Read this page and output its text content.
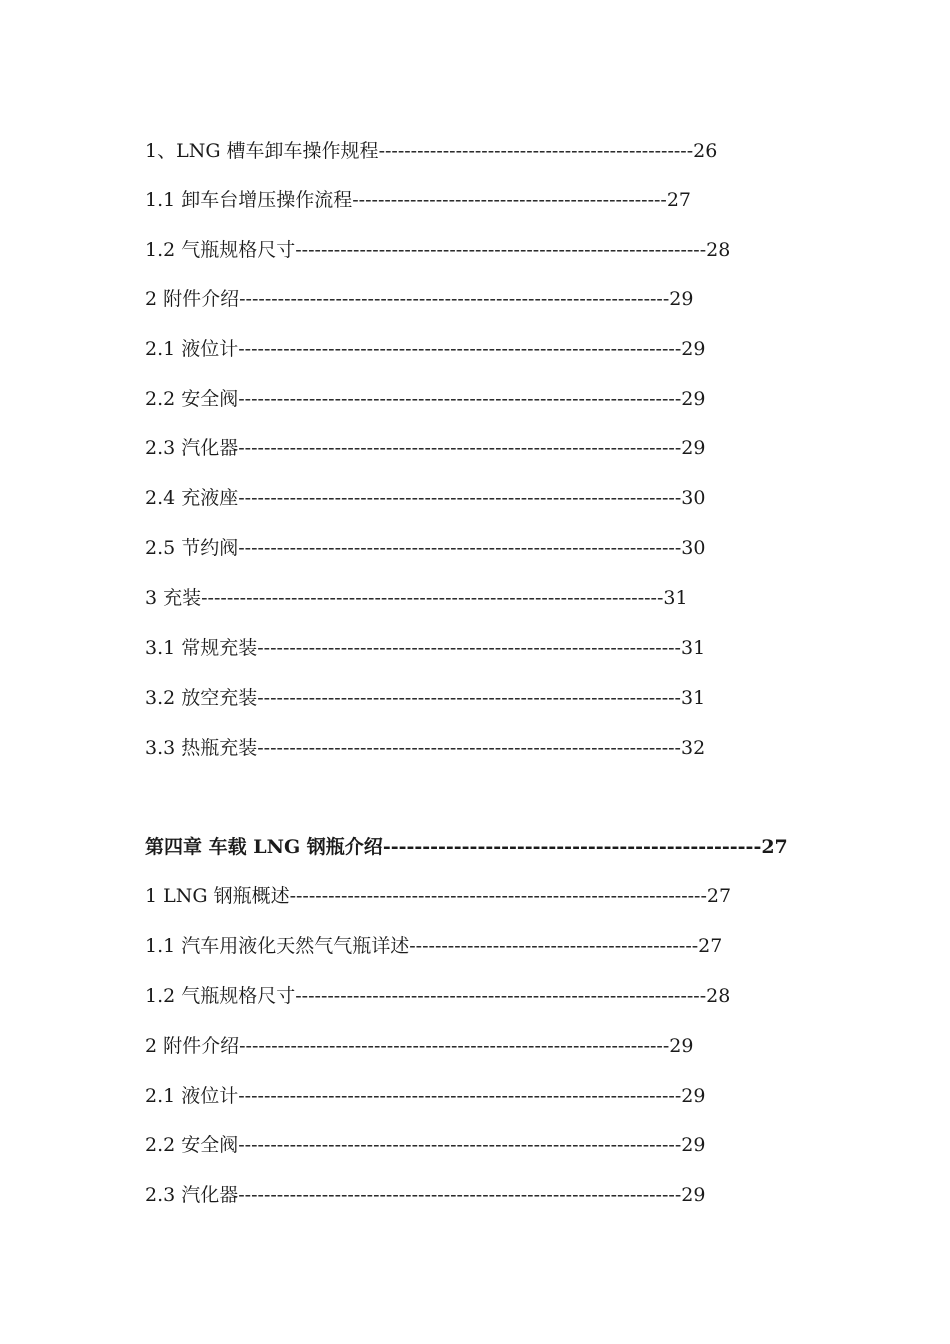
1、LNG 槽车卸车操作规程-------------------------------------------------26
1.1 卸车台增压操作流程-------------------------------------------------27
1.2 气瓶规格尺寸----------------------------------------------------------------28
2 附件介绍-------------------------------------------------------------------29
2.1 液位计---------------------------------------------------------------------29
2.2 安全阀---------------------------------------------------------------------29
2.3 汽化器---------------------------------------------------------------------29
2.4 充液座---------------------------------------------------------------------30
2.5 节约阀---------------------------------------------------------------------30
3 充装------------------------------------------------------------------------31
3.1 常规充装------------------------------------------------------------------31
3.2 放空充装------------------------------------------------------------------31
3.3 热瓶充装------------------------------------------------------------------32
第四章 车载 LNG 钢瓶介绍------------------------------------------------27
1 LNG 钢瓶概述-----------------------------------------------------------------27
1.1 汽车用液化天然气气瓶详述---------------------------------------------27
1.2 气瓶规格尺寸----------------------------------------------------------------28
2 附件介绍-------------------------------------------------------------------29
2.1 液位计---------------------------------------------------------------------29
2.2 安全阀---------------------------------------------------------------------29
2.3 汽化器---------------------------------------------------------------------29
